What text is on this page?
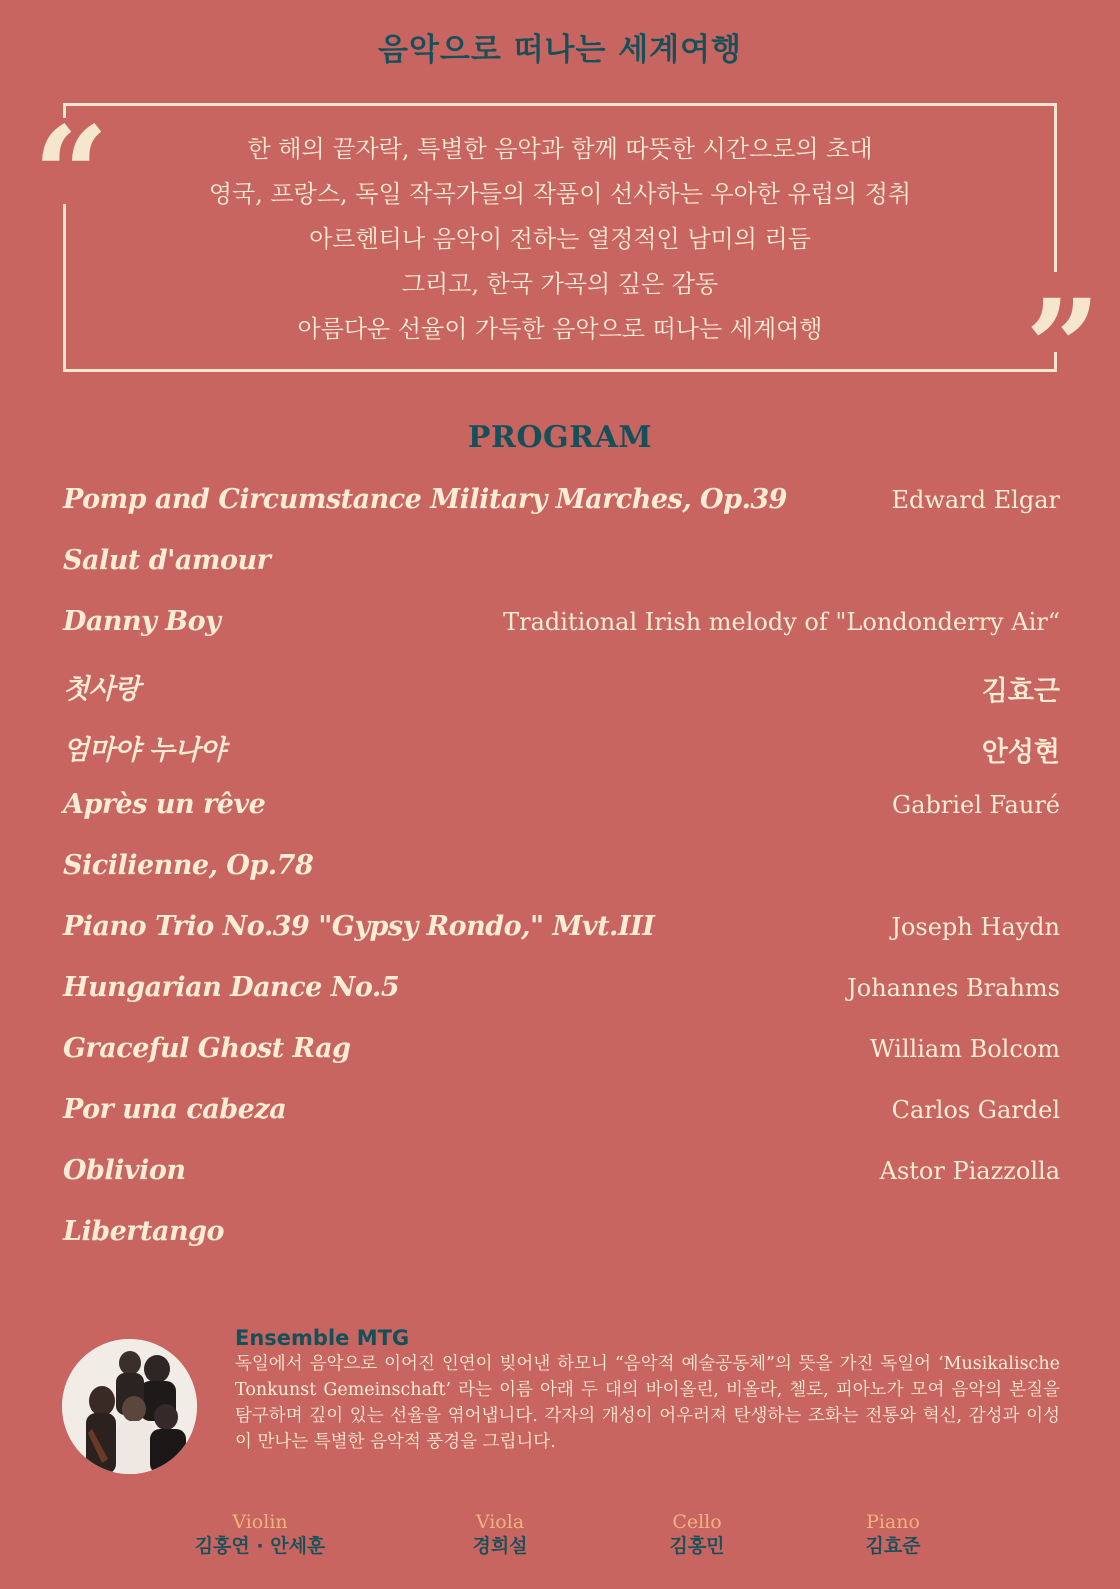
음악으로 떠나는 세계여행
“
”
한 해의 끝자락, 특별한 음악과 함께 따뜻한 시간으로의 초대
영국, 프랑스, 독일 작곡가들의 작품이 선사하는 우아한 유럽의 정취
아르헨티나 음악이 전하는 열정적인 남미의 리듬
그리고, 한국 가곡의 깊은 감동
아름다운 선율이 가득한 음악으로 떠나는 세계여행
PROGRAM
Pomp and Circumstance Military Marches, Op.39	Edward Elgar
Salut d'amour
Danny Boy	Traditional Irish melody of "Londonderry Air“
첫사랑	김효근
엄마야 누나야	안성현
Après un rêve	Gabriel Fauré
Sicilienne, Op.78
Piano Trio No.39 "Gypsy Rondo," Mvt.III	Joseph Haydn
Hungarian Dance No.5	Johannes Brahms
Graceful Ghost Rag	William Bolcom
Por una cabeza	Carlos Gardel
Oblivion	Astor Piazzolla
Libertango
Ensemble MTG
독일에서 음악으로 이어진 인연이 빚어낸 하모니 “음악적 예술공동체”의 뜻을 가진 독일어 ‘Musikalische Tonkunst Gemeinschaft’ 라는 이름 아래 두 대의 바이올린, 비올라, 첼로, 피아노가 모여 음악의 본질을 탐구하며 깊이 있는 선율을 엮어냅니다. 각자의 개성이 어우러져 탄생하는 조화는 전통와 혁신, 감성과 이성이 만나는 특별한 음악적 풍경을 그립니다.
Violin
김홍연 · 안세훈
Viola
경희설
Cello
김홍민
Piano
김효준
